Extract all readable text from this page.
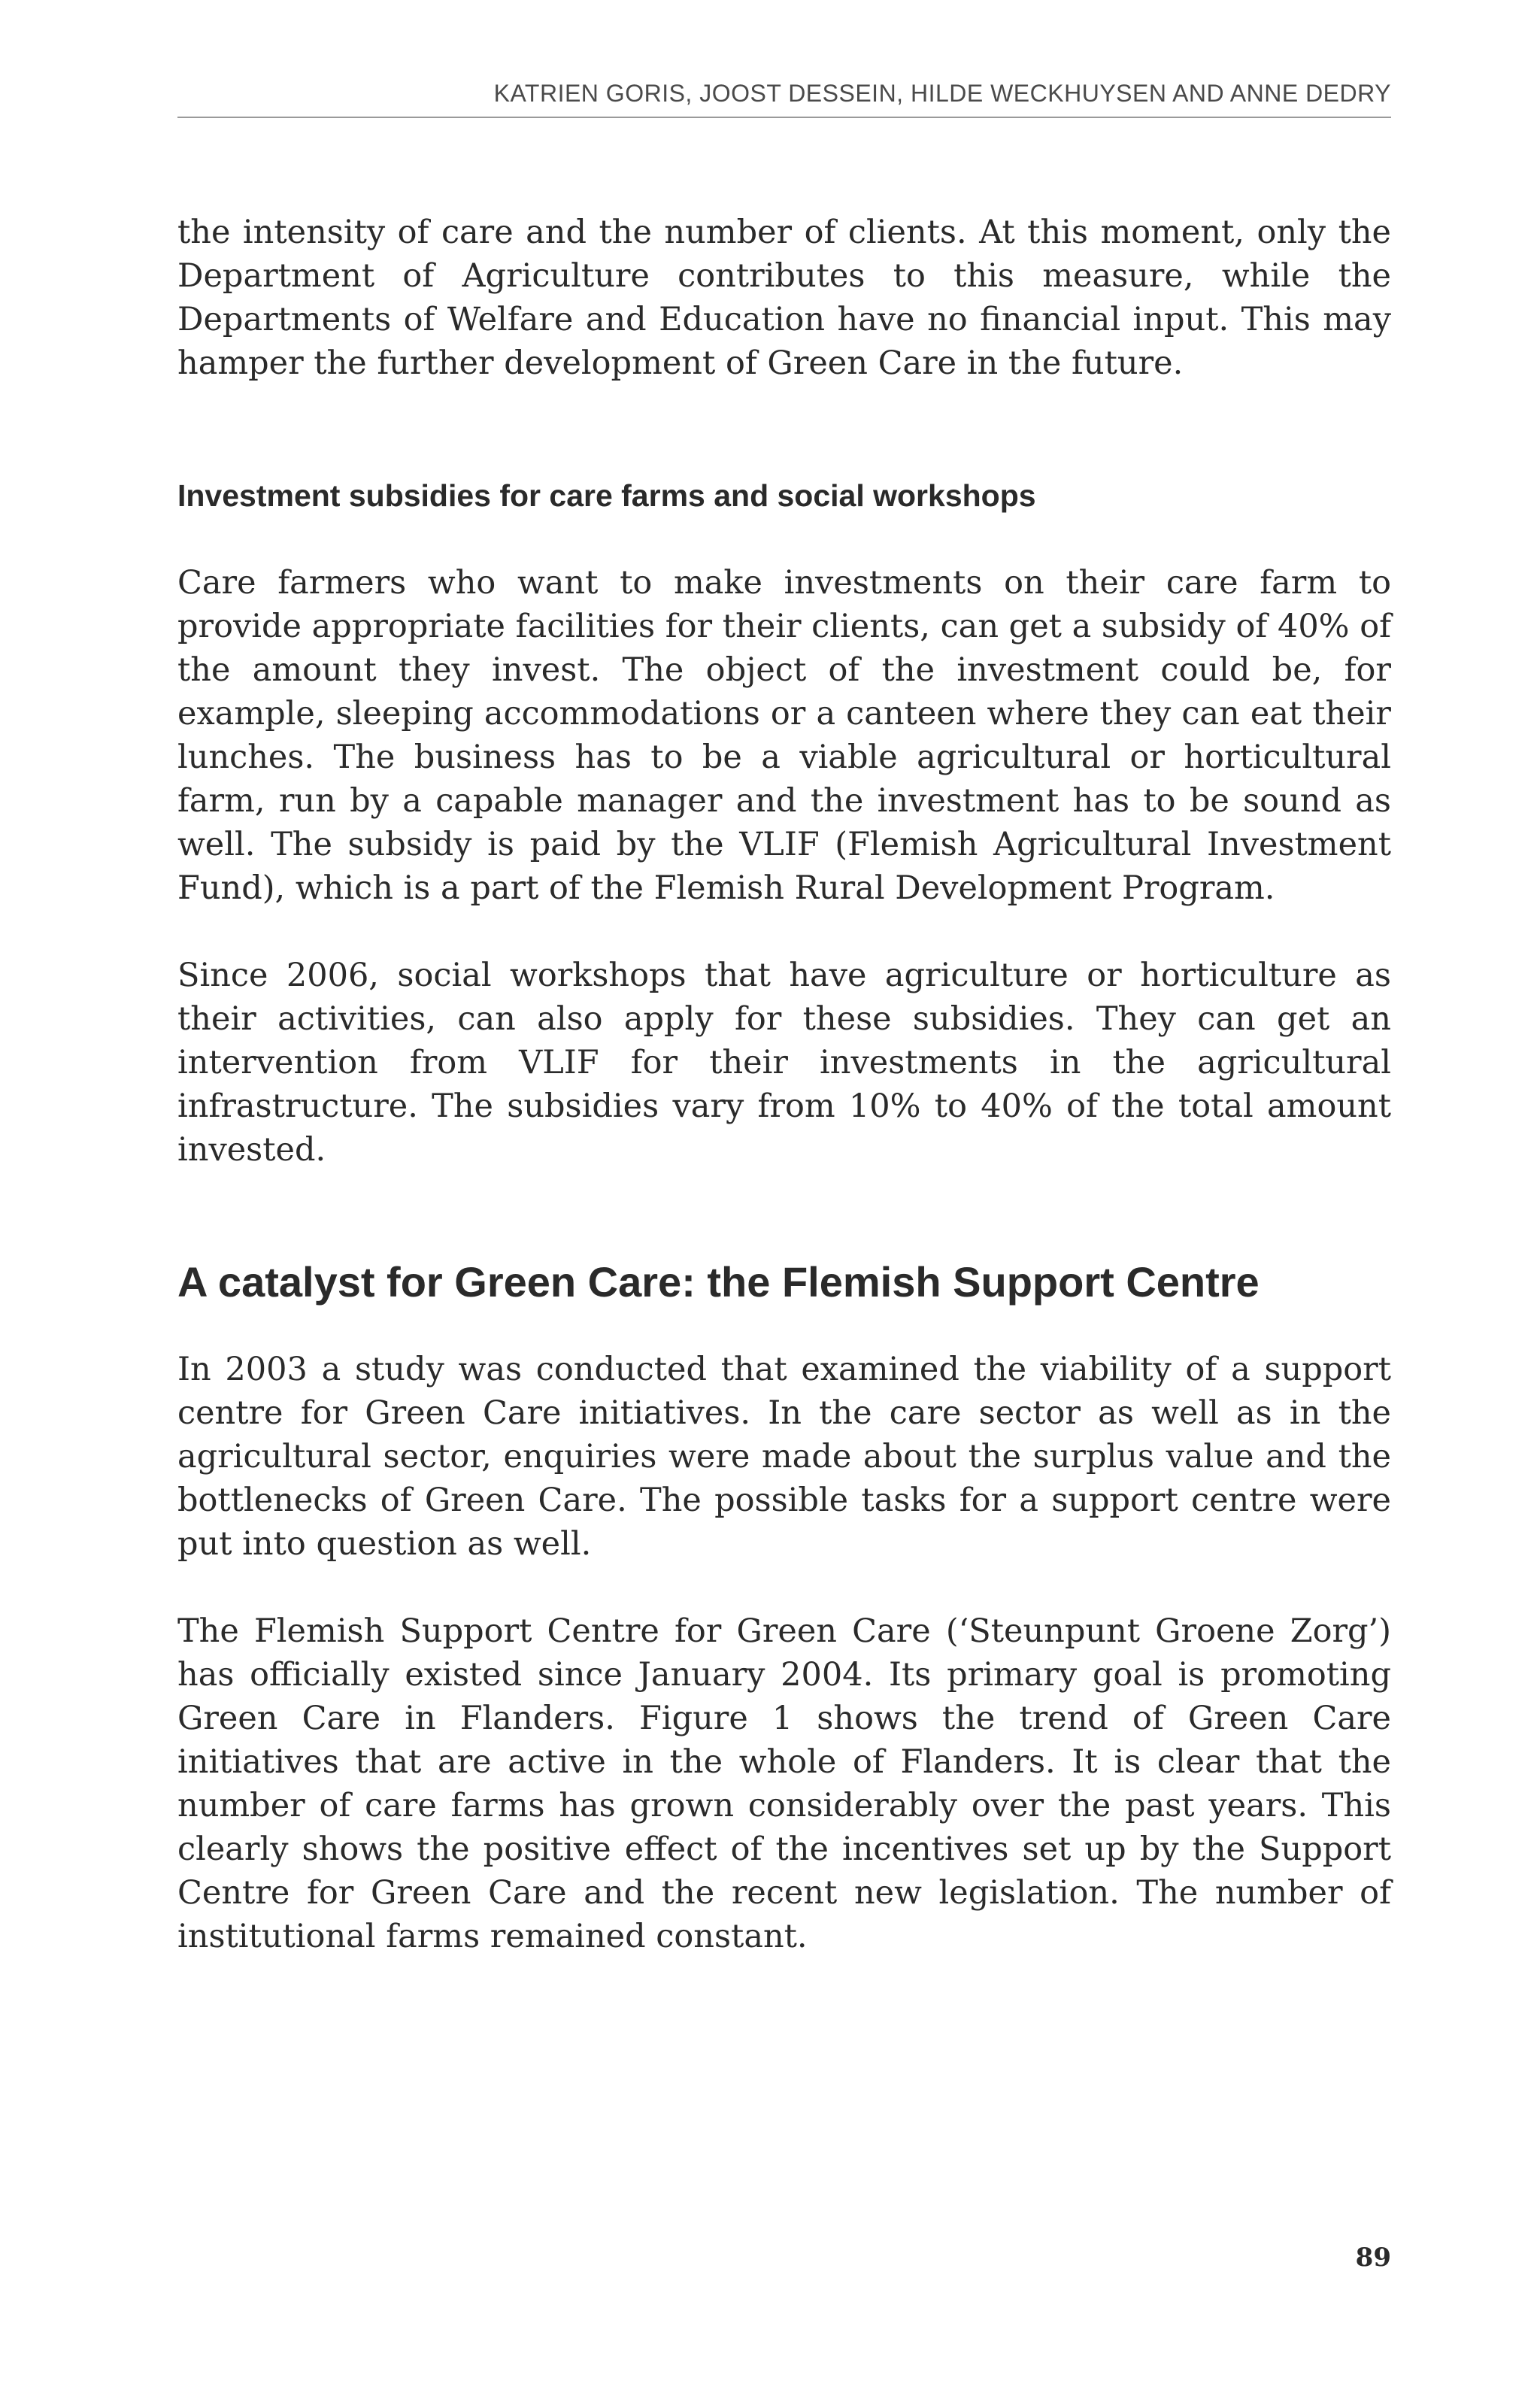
KATRIEN GORIS, JOOST DESSEIN, HILDE WECKHUYSEN AND ANNE DEDRY

the intensity of care and the number of clients. At this moment, only the Department of Agriculture contributes to this measure, while the Departments of Welfare and Education have no financial input. This may hamper the further development of Green Care in the future.

Investment subsidies for care farms and social workshops

Care farmers who want to make investments on their care farm to provide appropriate facilities for their clients, can get a subsidy of 40% of the amount they invest. The object of the investment could be, for example, sleeping accommodations or a canteen where they can eat their lunches. The business has to be a viable agricultural or horticultural farm, run by a capable manager and the investment has to be sound as well. The subsidy is paid by the VLIF (Flemish Agricultural Investment Fund), which is a part of the Flemish Rural Development Program.

Since 2006, social workshops that have agriculture or horticulture as their activities, can also apply for these subsidies. They can get an intervention from VLIF for their investments in the agricultural infrastructure. The subsidies vary from 10% to 40% of the total amount invested.

A catalyst for Green Care: the Flemish Support Centre

In 2003 a study was conducted that examined the viability of a support centre for Green Care initiatives. In the care sector as well as in the agricultural sector, enquiries were made about the surplus value and the bottlenecks of Green Care. The possible tasks for a support centre were put into question as well.

The Flemish Support Centre for Green Care (‘Steunpunt Groene Zorg’) has officially existed since January 2004. Its primary goal is promoting Green Care in Flanders. Figure 1 shows the trend of Green Care initiatives that are active in the whole of Flanders. It is clear that the number of care farms has grown considerably over the past years. This clearly shows the positive effect of the incentives set up by the Support Centre for Green Care and the recent new legislation. The number of institutional farms remained constant.

89
